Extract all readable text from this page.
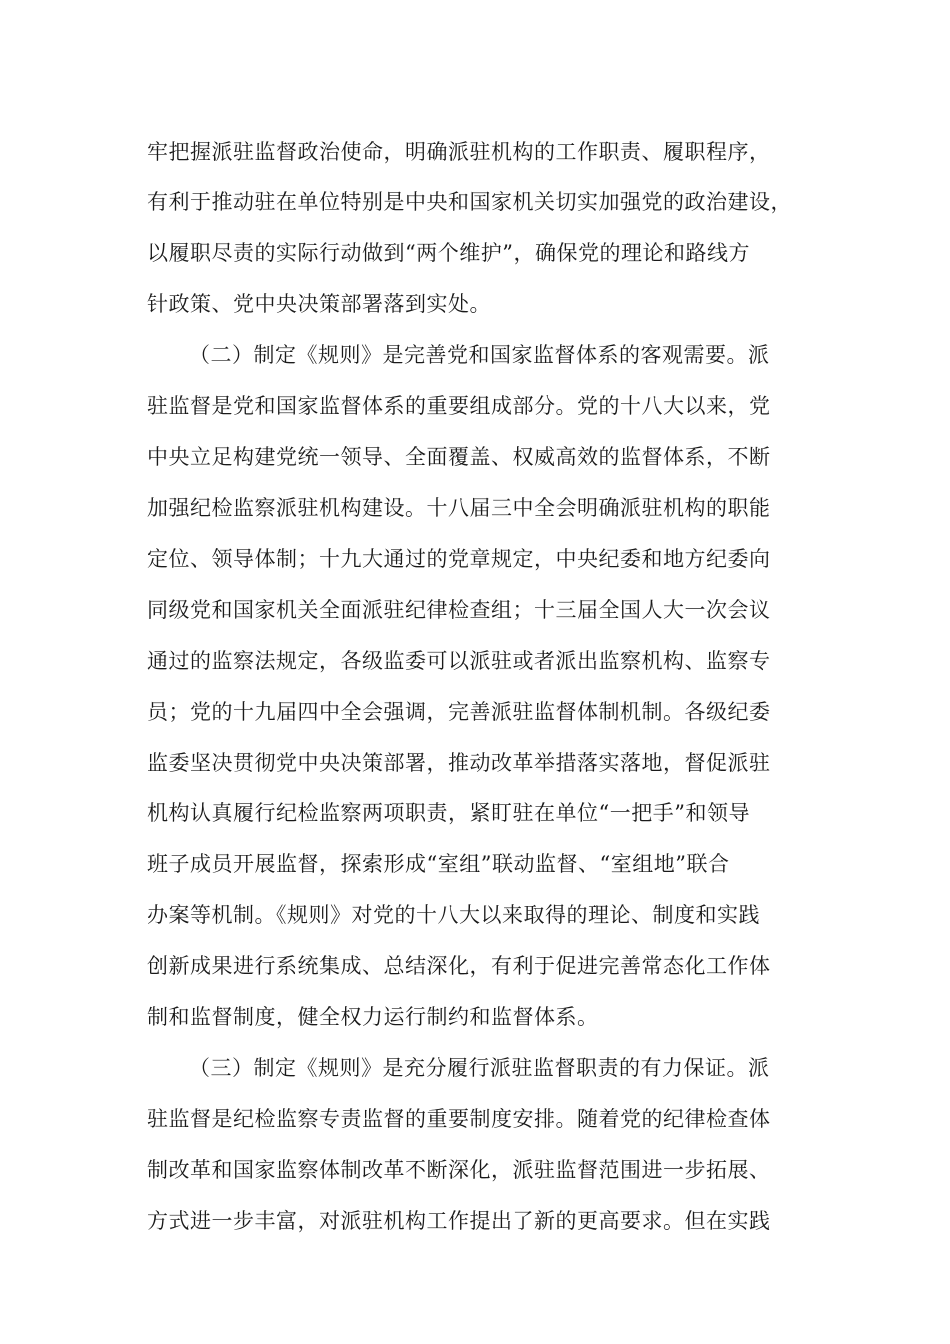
牢把握派驻监督政治使命，明确派驻机构的工作职责、履职程序，
有利于推动驻在单位特别是中央和国家机关切实加强党的政治建设，
以履职尽责的实际行动做到“两个维护”，确保党的理论和路线方
针政策、党中央决策部署落到实处。
（二）制定《规则》是完善党和国家监督体系的客观需要。派
驻监督是党和国家监督体系的重要组成部分。党的十八大以来，党
中央立足构建党统一领导、全面覆盖、权威高效的监督体系，不断
加强纪检监察派驻机构建设。十八届三中全会明确派驻机构的职能
定位、领导体制；十九大通过的党章规定，中央纪委和地方纪委向
同级党和国家机关全面派驻纪律检查组；十三届全国人大一次会议
通过的监察法规定，各级监委可以派驻或者派出监察机构、监察专
员；党的十九届四中全会强调，完善派驻监督体制机制。各级纪委
监委坚决贯彻党中央决策部署，推动改革举措落实落地，督促派驻
机构认真履行纪检监察两项职责，紧盯驻在单位“一把手”和领导
班子成员开展监督，探索形成“室组”联动监督、“室组地”联合
办案等机制。《规则》对党的十八大以来取得的理论、制度和实践
创新成果进行系统集成、总结深化，有利于促进完善常态化工作体
制和监督制度，健全权力运行制约和监督体系。
（三）制定《规则》是充分履行派驻监督职责的有力保证。派
驻监督是纪检监察专责监督的重要制度安排。随着党的纪律检查体
制改革和国家监察体制改革不断深化，派驻监督范围进一步拓展、
方式进一步丰富，对派驻机构工作提出了新的更高要求。但在实践
